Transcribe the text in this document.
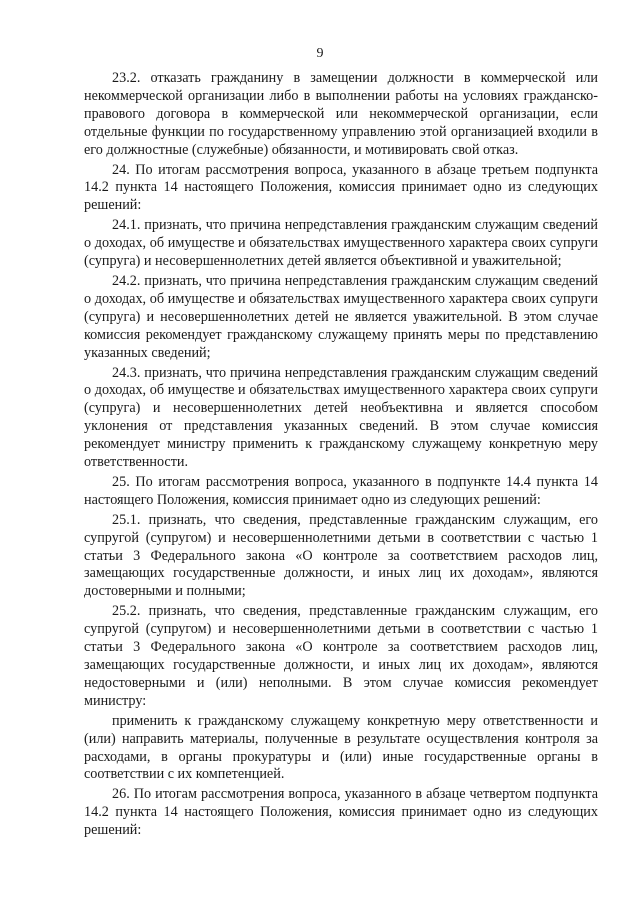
9

23.2. отказать гражданину в замещении должности в коммерческой или некоммерческой организации либо в выполнении работы на условиях гражданско-правового договора в коммерческой или некоммерческой организации, если отдельные функции по государственному управлению этой организацией входили в его должностные (служебные) обязанности, и мотивировать свой отказ.

24. По итогам рассмотрения вопроса, указанного в абзаце третьем подпункта 14.2 пункта 14 настоящего Положения, комиссия принимает одно из следующих решений:

24.1. признать, что причина непредставления гражданским служащим сведений о доходах, об имуществе и обязательствах имущественного характера своих супруги (супруга) и несовершеннолетних детей является объективной и уважительной;

24.2. признать, что причина непредставления гражданским служащим сведений о доходах, об имуществе и обязательствах имущественного характера своих супруги (супруга) и несовершеннолетних детей не является уважительной. В этом случае комиссия рекомендует гражданскому служащему принять меры по представлению указанных сведений;

24.3. признать, что причина непредставления гражданским служащим сведений о доходах, об имуществе и обязательствах имущественного характера своих супруги (супруга) и несовершеннолетних детей необъективна и является способом уклонения от представления указанных сведений. В этом случае комиссия рекомендует министру применить к гражданскому служащему конкретную меру ответственности.

25. По итогам рассмотрения вопроса, указанного в подпункте 14.4 пункта 14 настоящего Положения, комиссия принимает одно из следующих решений:

25.1. признать, что сведения, представленные гражданским служащим, его супругой (супругом) и несовершеннолетними детьми в соответствии с частью 1 статьи 3 Федерального закона «О контроле за соответствием расходов лиц, замещающих государственные должности, и иных лиц их доходам», являются достоверными и полными;

25.2. признать, что сведения, представленные гражданским служащим, его супругой (супругом) и несовершеннолетними детьми в соответствии с частью 1 статьи 3 Федерального закона «О контроле за соответствием расходов лиц, замещающих государственные должности, и иных лиц их доходам», являются недостоверными и (или) неполными. В этом случае комиссия рекомендует министру:

применить к гражданскому служащему конкретную меру ответственности и (или) направить материалы, полученные в результате осуществления контроля за расходами, в органы прокуратуры и (или) иные государственные органы в соответствии с их компетенцией.

26. По итогам рассмотрения вопроса, указанного в абзаце четвертом подпункта 14.2 пункта 14 настоящего Положения, комиссия принимает одно из следующих решений:
